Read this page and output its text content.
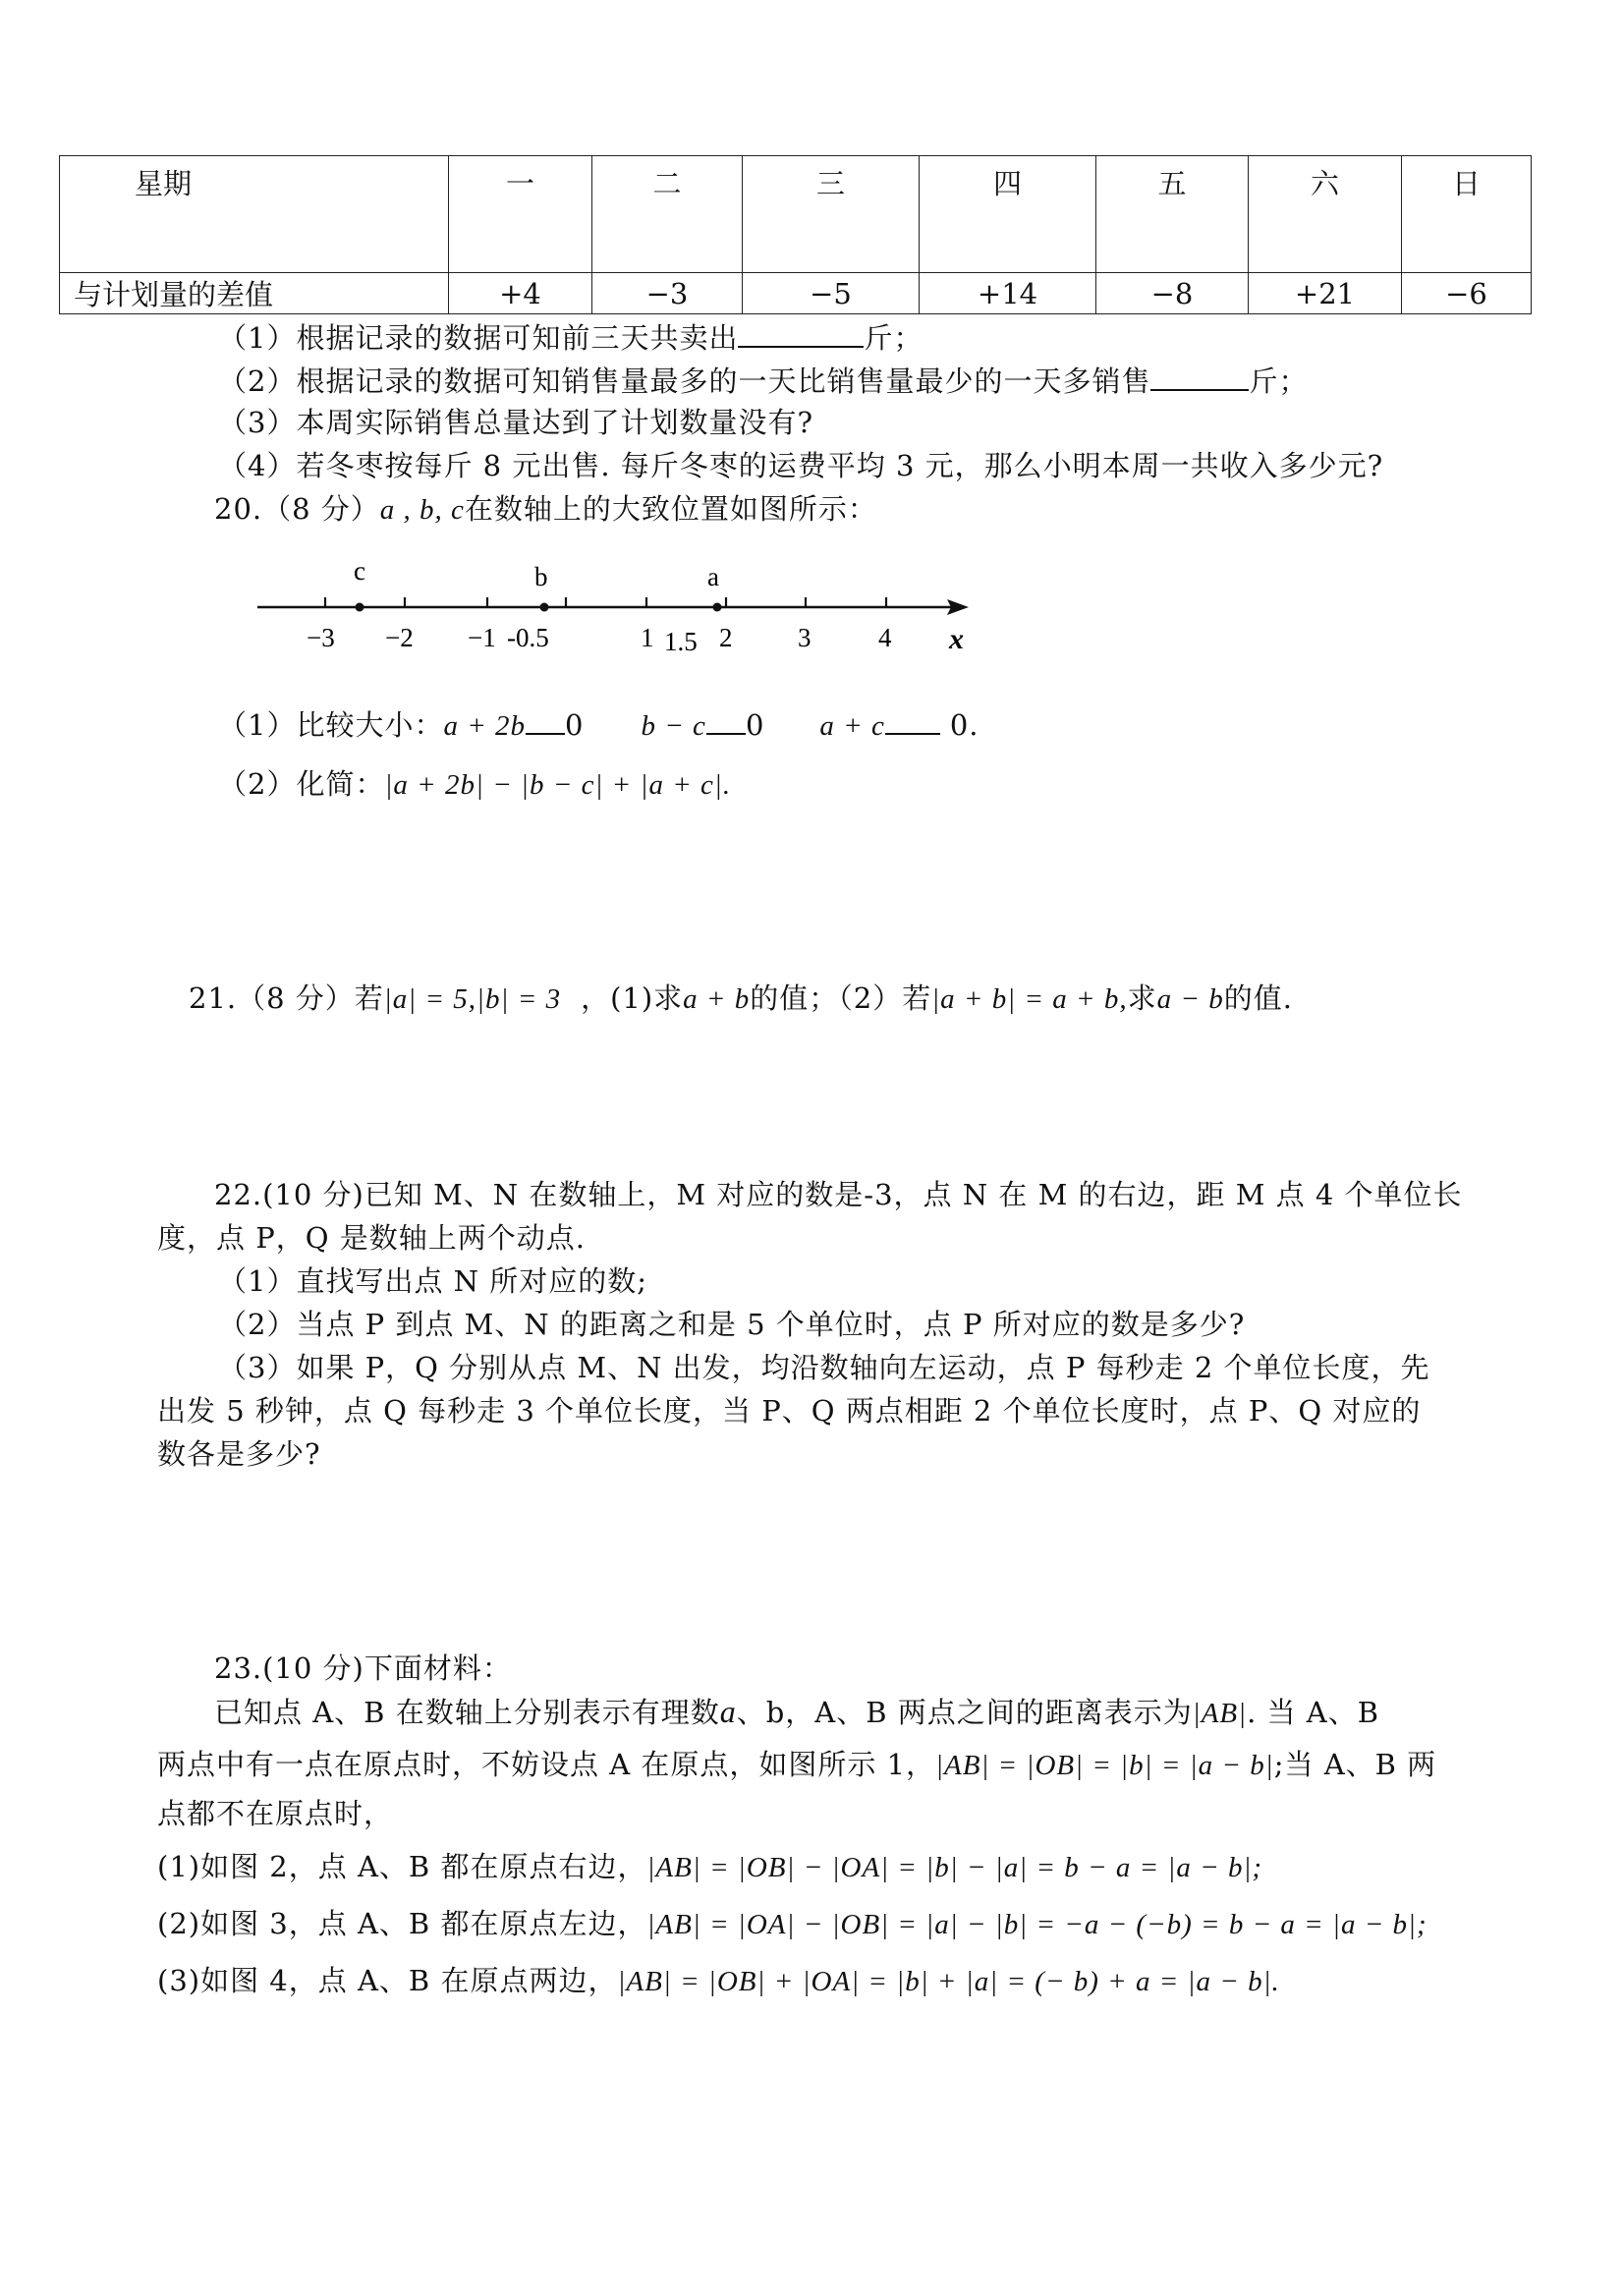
星期	一	二	三	四	五	六	日
与计划量的差值	+4	−3	−5	+14	−8	+21	−6
（1）根据记录的数据可知前三天共卖出	斤；
（2）根据记录的数据可知销售量最多的一天比销售量最少的一天多销售	斤；
（3）本周实际销售总量达到了计划数量没有?
（4）若冬枣按每斤 8 元出售. 每斤冬枣的运费平均 3 元，那么小明本周一共收入多少元?
20.（8 分）a , b, c在数轴上的大致位置如图所示：
c	b	a
−3 −2 −1 -0.5	1 1.5 2 3	4 x
（1）比较大小：a + 2b 0 b − c 0 a + c 0.
（2）化简：|a + 2b| − |b − c| + |a + c|.
21.（8 分）若|a| = 5,|b| = 3 ，(1)求a + b的值；（2）若|a + b| = a + b,求a − b的值.
22.(10 分)已知 M、N 在数轴上，M 对应的数是-3，点 N 在 M 的右边，距 M 点 4 个单位长
度，点 P，Q 是数轴上两个动点.
（1）直找写出点 N 所对应的数;
（2）当点 P 到点 M、N 的距离之和是 5 个单位时，点 P 所对应的数是多少?
（3）如果 P，Q 分别从点 M、N 出发，均沿数轴向左运动，点 P 每秒走 2 个单位长度，先
出发 5 秒钟，点 Q 每秒走 3 个单位长度，当 P、Q 两点相距 2 个单位长度时，点 P、Q 对应的
数各是多少?
23.(10 分)下面材料：
已知点 A、B 在数轴上分别表示有理数a、b，A、B 两点之间的距离表示为|AB|. 当 A、B
两点中有一点在原点时，不妨设点 A 在原点，如图所示 1，|AB| = |OB| = |b| = |a − b|;当 A、B 两
点都不在原点时，
(1)如图 2，点 A、B 都在原点右边，|AB| = |OB| − |OA| = |b| − |a| = b − a = |a − b|;
(2)如图 3，点 A、B 都在原点左边，|AB| = |OA| − |OB| = |a| − |b| = −a − (−b) = b − a = |a − b|;
(3)如图 4，点 A、B 在原点两边，|AB| = |OB| + |OA| = |b| + |a| = (− b) + a = |a − b|.
